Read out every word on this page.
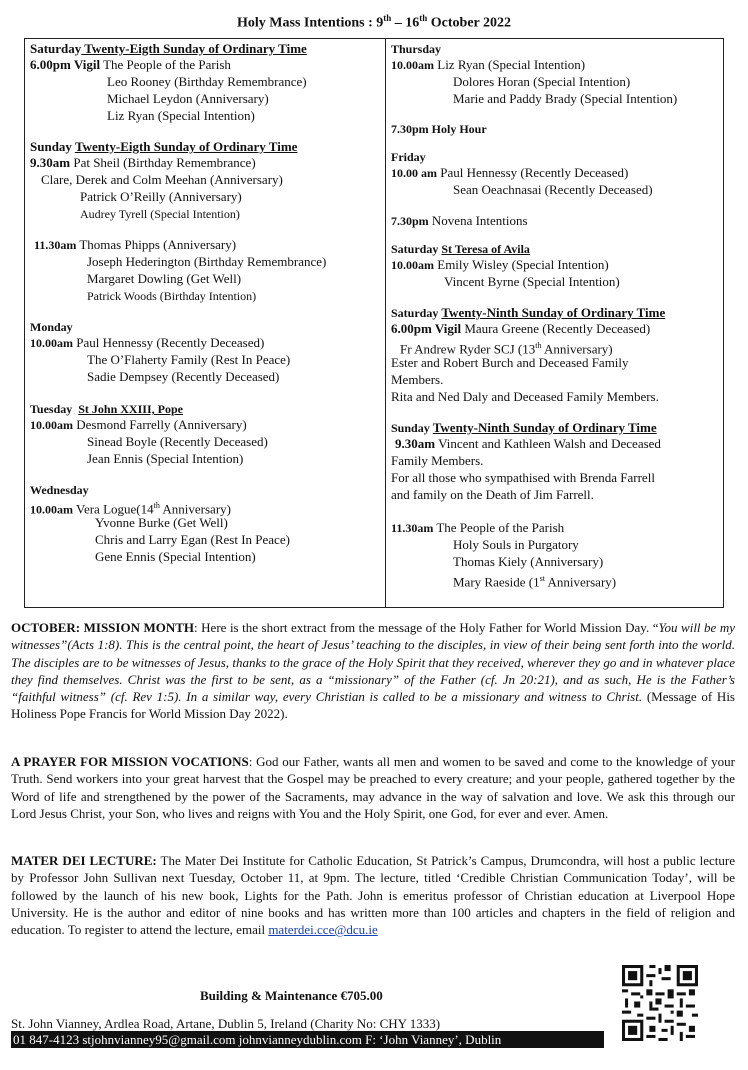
Holy Mass Intentions : 9th – 16th October 2022
Saturday Twenty-Eigth Sunday of Ordinary Time
6.00pm Vigil The People of the Parish
Leo Rooney (Birthday Remembrance)
Michael Leydon (Anniversary)
Liz Ryan (Special Intention)
Sunday Twenty-Eigth Sunday of Ordinary Time
9.30am Pat Sheil (Birthday Remembrance)
Clare, Derek and Colm Meehan (Anniversary)
Patrick O’Reilly (Anniversary)
Audrey Tyrell (Special Intention)
11.30am Thomas Phipps (Anniversary)
Joseph Hederington (Birthday Remembrance)
Margaret Dowling (Get Well)
Patrick Woods (Birthday Intention)
Monday
10.00am Paul Hennessy (Recently Deceased)
The O’Flaherty Family (Rest In Peace)
Sadie Dempsey (Recently Deceased)
Tuesday St John XXIII, Pope
10.00am Desmond Farrelly (Anniversary)
Sinead Boyle (Recently Deceased)
Jean Ennis (Special Intention)
Wednesday
10.00am Vera Logue(14th Anniversary)
Yvonne Burke (Get Well)
Chris and Larry Egan (Rest In Peace)
Gene Ennis (Special Intention)
Thursday
10.00am Liz Ryan (Special Intention)
Dolores Horan (Special Intention)
Marie and Paddy Brady (Special Intention)
7.30pm Holy Hour
Friday
10.00 am Paul Hennessy (Recently Deceased)
Sean Oeachnasai (Recently Deceased)
7.30pm Novena Intentions
Saturday St Teresa of Avila
10.00am Emily Wisley (Special Intention)
Vincent Byrne (Special Intention)
Saturday Twenty-Ninth Sunday of Ordinary Time
6.00pm Vigil Maura Greene (Recently Deceased)
Fr Andrew Ryder SCJ (13th Anniversary)
Ester and Robert Burch and Deceased Family
Members.
Rita and Ned Daly and Deceased Family Members.
Sunday Twenty-Ninth Sunday of Ordinary Time
9.30am Vincent and Kathleen Walsh and Deceased
Family Members.
For all those who sympathised with Brenda Farrell
and family on the Death of Jim Farrell.
11.30am The People of the Parish
Holy Souls in Purgatory
Thomas Kiely (Anniversary)
Mary Raeside (1st Anniversary)
OCTOBER: MISSION MONTH: Here is the short extract from the message of the Holy Father for World Mission Day. “You will be my witnesses”(Acts 1:8). This is the central point, the heart of Jesus’ teaching to the disciples, in view of their being sent forth into the world. The disciples are to be witnesses of Jesus, thanks to the grace of the Holy Spirit that they received, wherever they go and in whatever place they find themselves. Christ was the first to be sent, as a “missionary” of the Father (cf. Jn 20:21), and as such, He is the Father’s “faithful witness” (cf. Rev 1:5). In a similar way, every Christian is called to be a missionary and witness to Christ. (Message of His Holiness Pope Francis for World Mission Day 2022).
A PRAYER FOR MISSION VOCATIONS: God our Father, wants all men and women to be saved and come to the knowledge of your Truth. Send workers into your great harvest that the Gospel may be preached to every creature; and your people, gathered together by the Word of life and strengthened by the power of the Sacraments, may advance in the way of salvation and love. We ask this through our Lord Jesus Christ, your Son, who lives and reigns with You and the Holy Spirit, one God, for ever and ever. Amen.
MATER DEI LECTURE: The Mater Dei Institute for Catholic Education, St Patrick’s Campus, Drumcondra, will host a public lecture by Professor John Sullivan next Tuesday, October 11, at 9pm. The lecture, titled ‘Credible Christian Communication Today’, will be followed by the launch of his new book, Lights for the Path. John is emeritus professor of Christian education at Liverpool Hope University. He is the author and editor of nine books and has written more than 100 articles and chapters in the field of religion and education. To register to attend the lecture, email materdei.cce@dcu.ie
Building & Maintenance €705.00
St. John Vianney, Ardlea Road, Artane, Dublin 5, Ireland (Charity No: CHY 1333)
01 847-4123 stjohnvianney95@gmail.com johnvianneydublin.com F: ‘John Vianney’, Dublin
